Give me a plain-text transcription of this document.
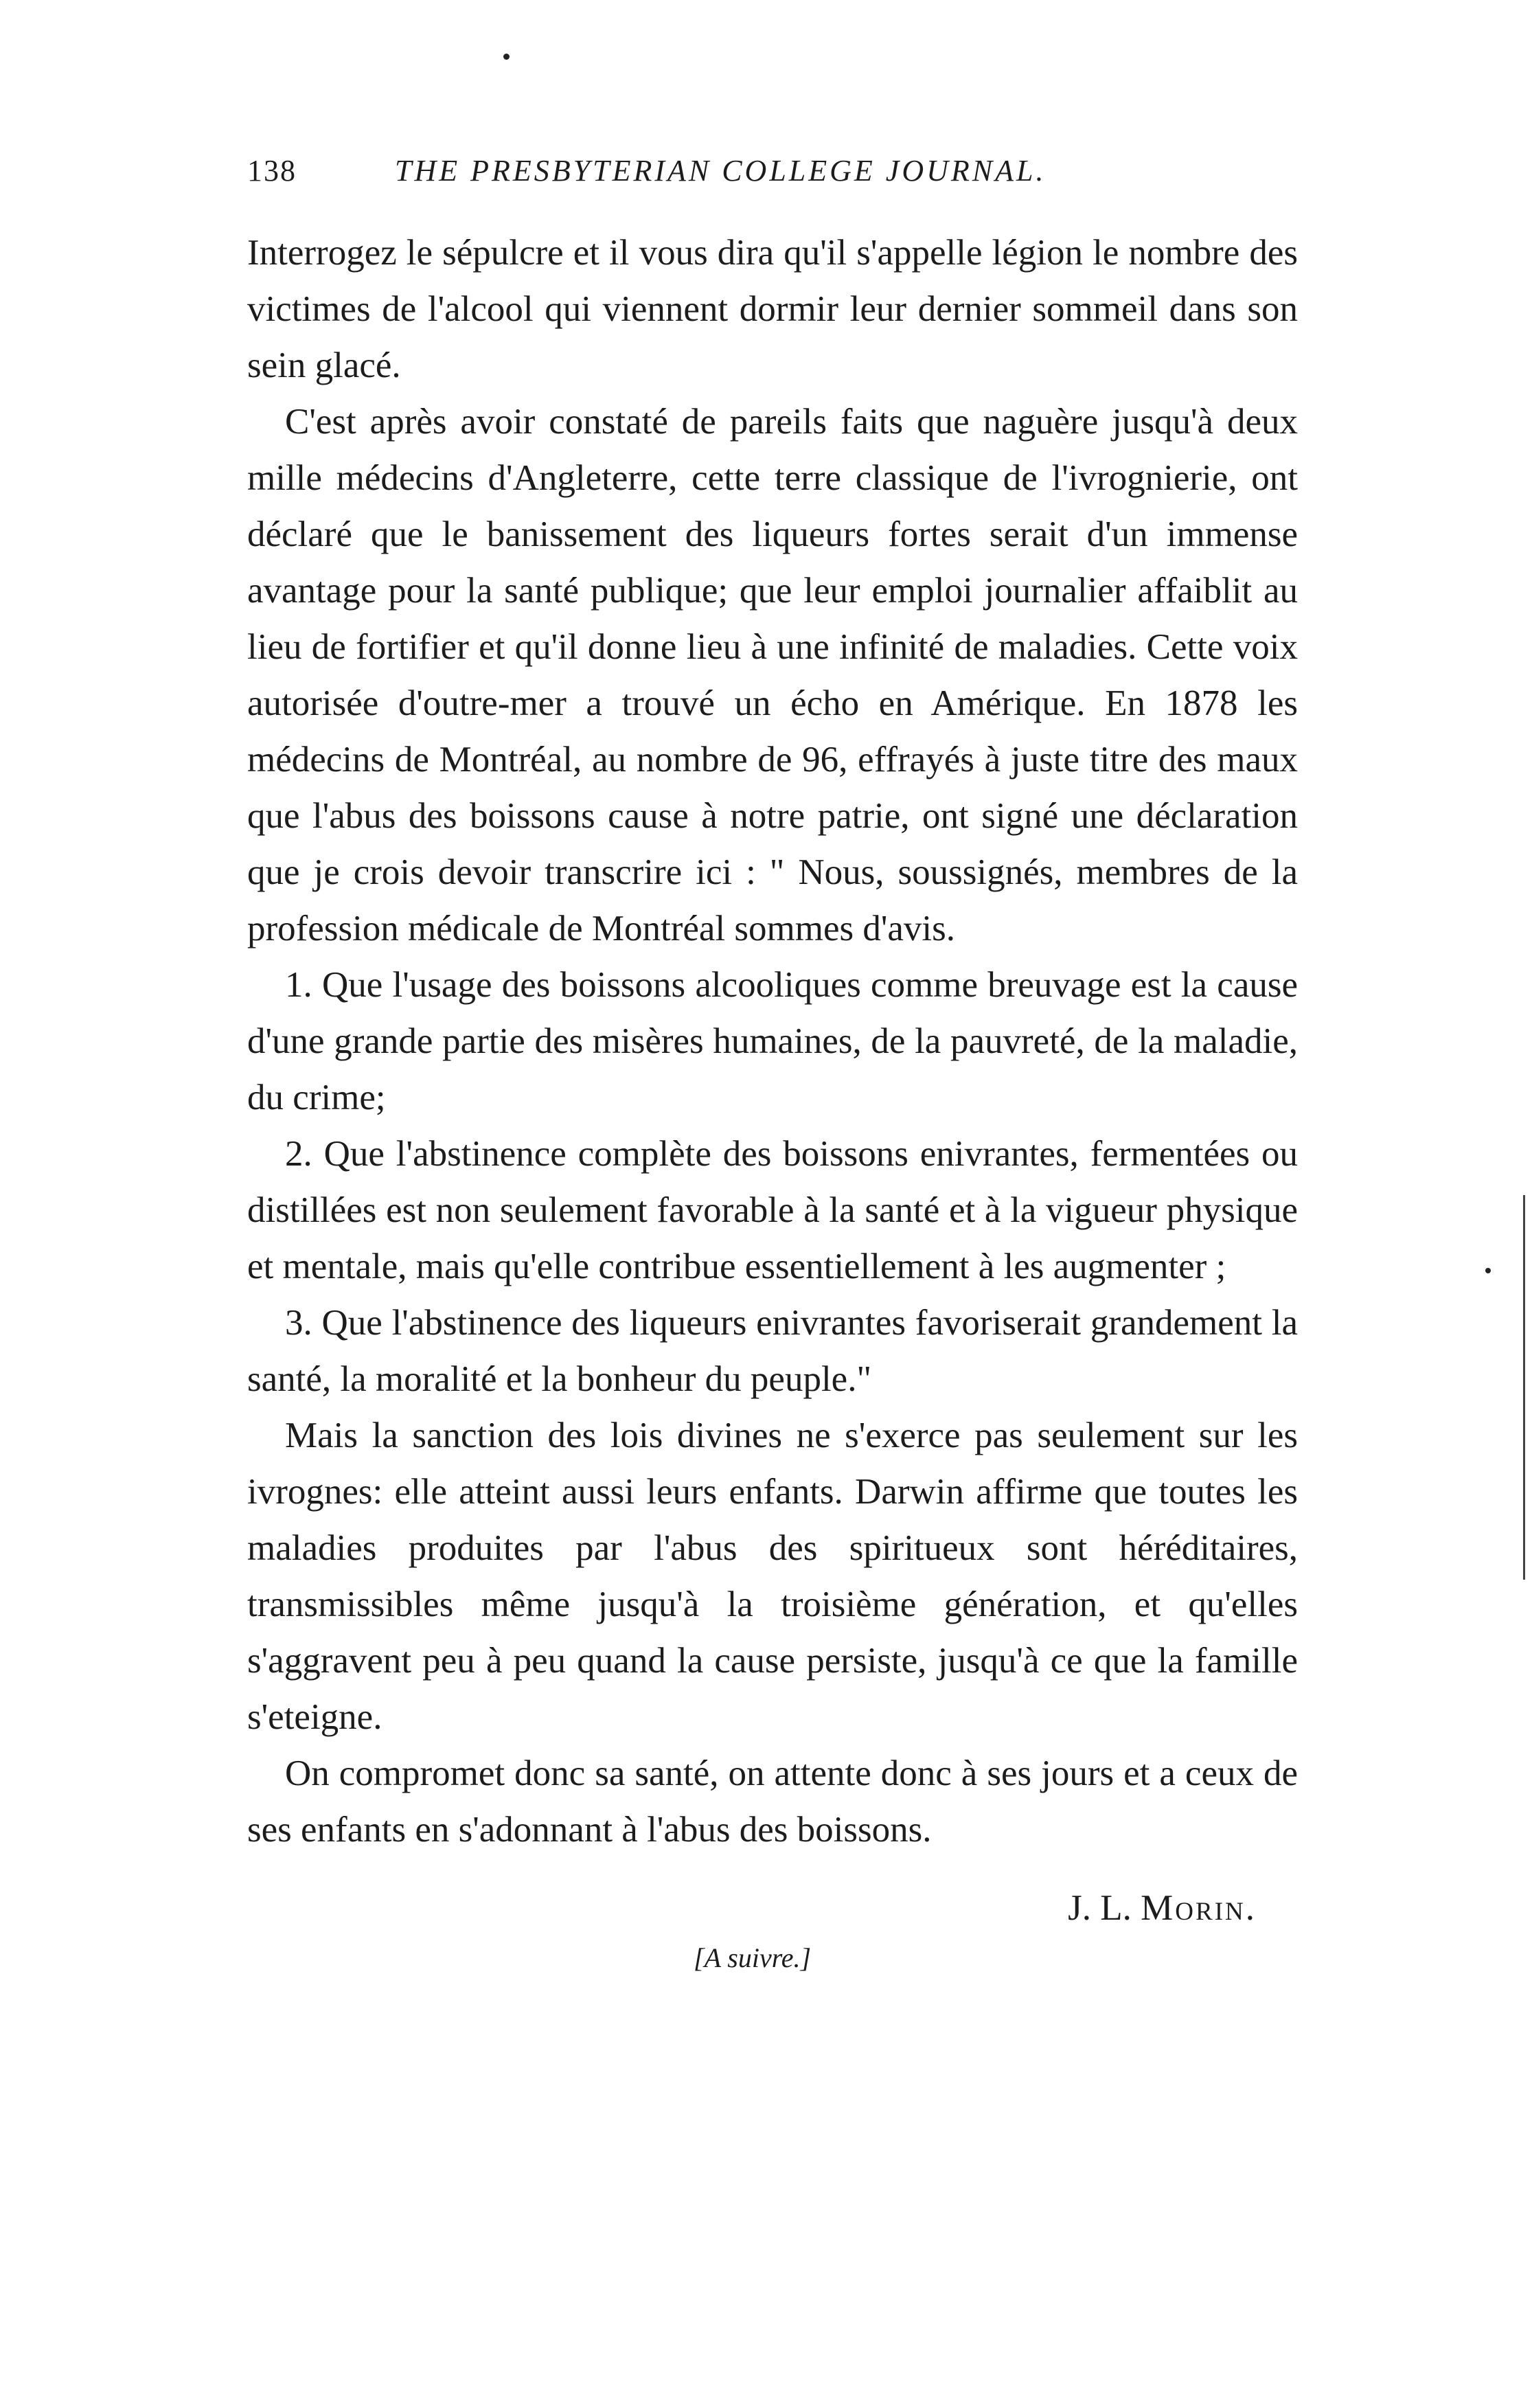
138	THE PRESBYTERIAN COLLEGE JOURNAL.

Interrogez le sépulcre et il vous dira qu'il s'appelle légion le nombre des victimes de l'alcool qui viennent dormir leur dernier sommeil dans son sein glacé.

C'est après avoir constaté de pareils faits que naguère jusqu'à deux mille médecins d'Angleterre, cette terre classique de l'ivrognierie, ont déclaré que le banissement des liqueurs fortes serait d'un immense avantage pour la santé publique; que leur emploi journalier affaiblit au lieu de fortifier et qu'il donne lieu à une infinité de maladies. Cette voix autorisée d'outre-mer a trouvé un écho en Amérique. En 1878 les médecins de Montréal, au nombre de 96, effrayés à juste titre des maux que l'abus des boissons cause à notre patrie, ont signé une déclaration que je crois devoir transcrire ici : " Nous, soussignés, membres de la profession médicale de Montréal sommes d'avis.

1. Que l'usage des boissons alcooliques comme breuvage est la cause d'une grande partie des misères humaines, de la pauvreté, de la maladie, du crime;

2. Que l'abstinence complète des boissons enivrantes, fermentées ou distillées est non seulement favorable à la santé et à la vigueur physique et mentale, mais qu'elle contribue essentiellement à les augmenter ;

3. Que l'abstinence des liqueurs enivrantes favoriserait grandement la santé, la moralité et la bonheur du peuple."

Mais la sanction des lois divines ne s'exerce pas seulement sur les ivrognes: elle atteint aussi leurs enfants. Darwin affirme que toutes les maladies produites par l'abus des spiritueux sont héréditaires, transmissibles même jusqu'à la troisième génération, et qu'elles s'aggravent peu à peu quand la cause persiste, jusqu'à ce que la famille s'eteigne.

On compromet donc sa santé, on attente donc à ses jours et a ceux de ses enfants en s'adonnant à l'abus des boissons.

J. L. Morin.
[A suivre.]
